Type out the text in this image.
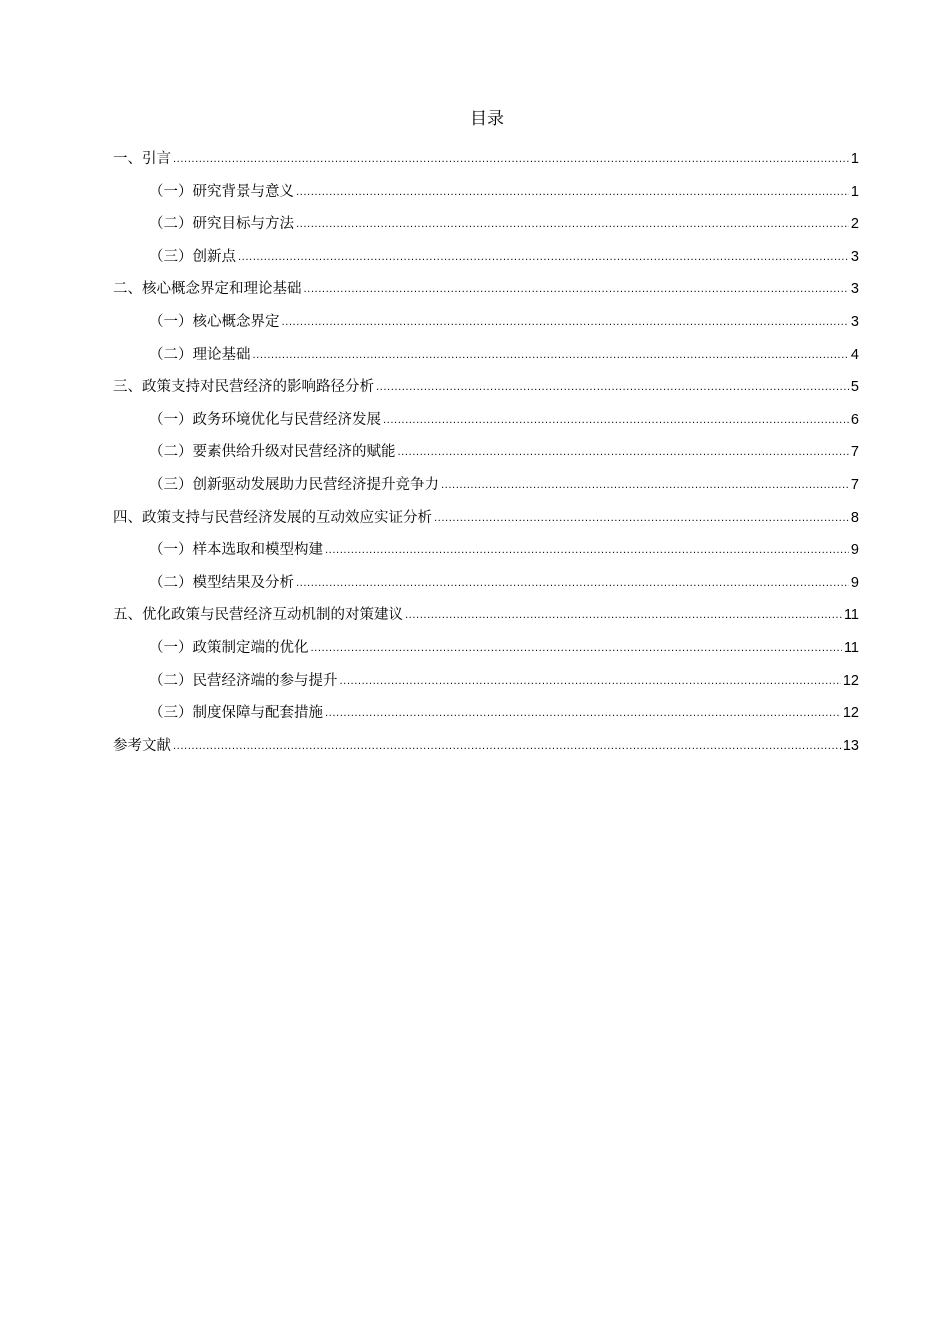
目录
一、引言 .....	1
（一）研究背景与意义 .....	1
（二）研究目标与方法 .....	2
（三）创新点 .....	3
二、核心概念界定和理论基础 .....	3
（一）核心概念界定 .....	3
（二）理论基础 .....	4
三、政策支持对民营经济的影响路径分析 .....	5
（一）政务环境优化与民营经济发展 .....	6
（二）要素供给升级对民营经济的赋能 .....	7
（三）创新驱动发展助力民营经济提升竞争力 .....	7
四、政策支持与民营经济发展的互动效应实证分析 .....	8
（一）样本选取和模型构建 .....	9
（二）模型结果及分析 .....	9
五、优化政策与民营经济互动机制的对策建议 .....	11
（一）政策制定端的优化 .....	11
（二）民营经济端的参与提升 .....	12
（三）制度保障与配套措施 .....	12
参考文献 .....	13
